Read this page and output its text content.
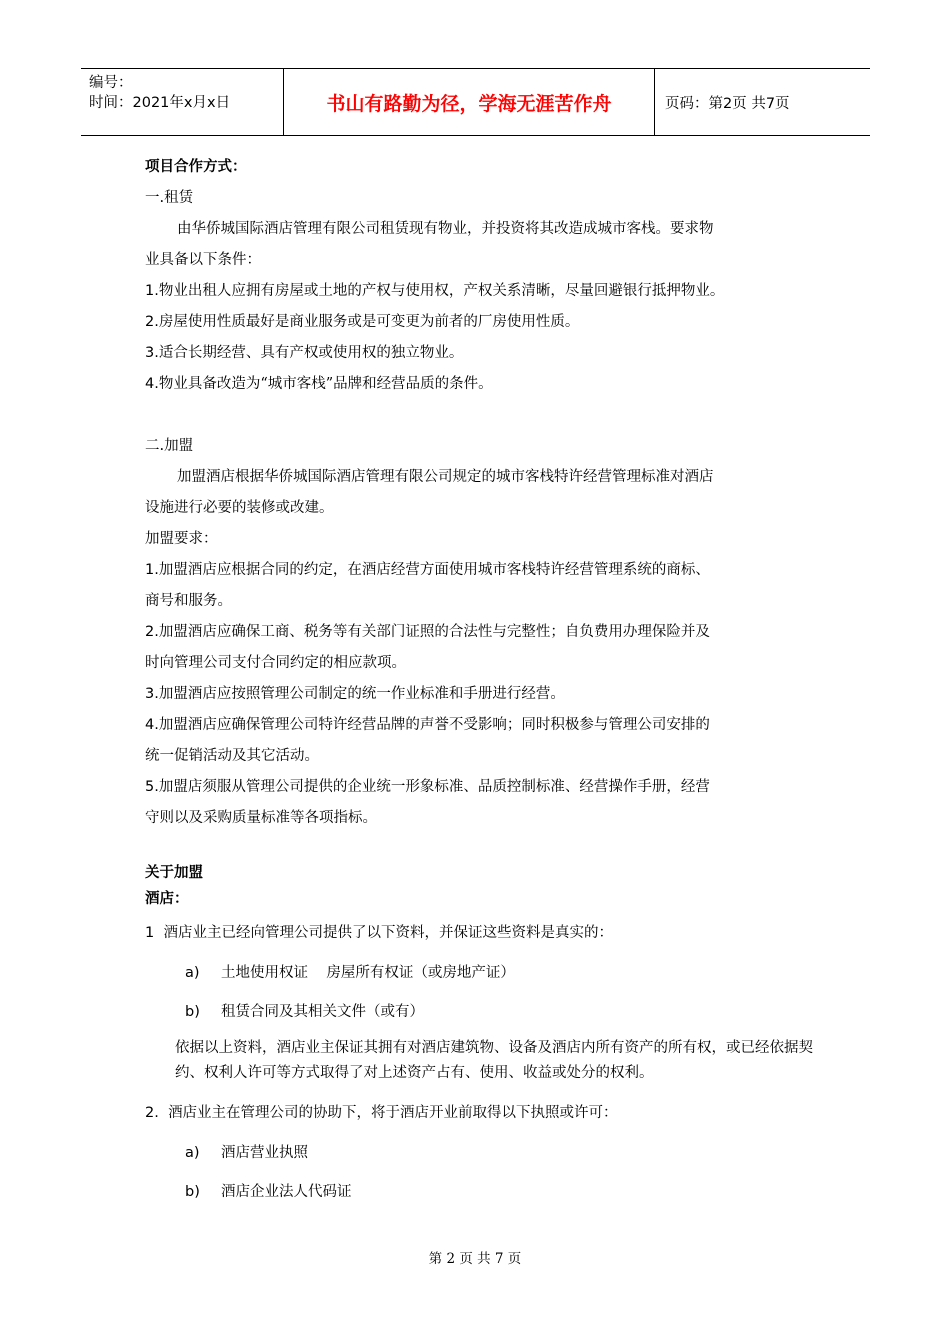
编号：
时间：2021年x月x日	书山有路勤为径，学海无涯苦作舟	页码：第2页 共7页
项目合作方式：
一.租赁
由华侨城国际酒店管理有限公司租赁现有物业，并投资将其改造成城市客栈。要求物
业具备以下条件：
1.物业出租人应拥有房屋或土地的产权与使用权，产权关系清晰，尽量回避银行抵押物业。
2.房屋使用性质最好是商业服务或是可变更为前者的厂房使用性质。
3.适合长期经营、具有产权或使用权的独立物业。
4.物业具备改造为“城市客栈”品牌和经营品质的条件。
二.加盟
加盟酒店根据华侨城国际酒店管理有限公司规定的城市客栈特许经营管理标准对酒店
设施进行必要的装修或改建。
加盟要求：
1.加盟酒店应根据合同的约定，在酒店经营方面使用城市客栈特许经营管理系统的商标、
商号和服务。
2.加盟酒店应确保工商、税务等有关部门证照的合法性与完整性；自负费用办理保险并及
时向管理公司支付合同约定的相应款项。
3.加盟酒店应按照管理公司制定的统一作业标准和手册进行经营。
4.加盟酒店应确保管理公司特许经营品牌的声誉不受影响；同时积极参与管理公司安排的
统一促销活动及其它活动。
5.加盟店须服从管理公司提供的企业统一形象标准、品质控制标准、经营操作手册，经营
守则以及采购质量标准等各项指标。
关于加盟
酒店：
1 酒店业主已经向管理公司提供了以下资料，并保证这些资料是真实的：
a) 土地使用权证    房屋所有权证（或房地产证）
b) 租赁合同及其相关文件（或有）
依据以上资料，酒店业主保证其拥有对酒店建筑物、设备及酒店内所有资产的所有权，或已经依据契约、权利人许可等方式取得了对上述资产占有、使用、收益或处分的权利。
2. 酒店业主在管理公司的协助下，将于酒店开业前取得以下执照或许可：
a) 酒店营业执照
b) 酒店企业法人代码证
第 2 页 共 7 页
